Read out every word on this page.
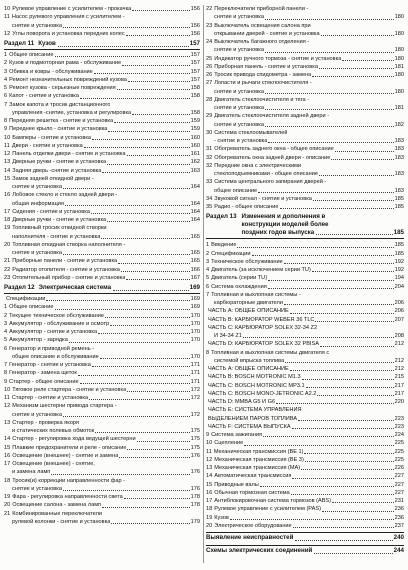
10 Рулевое управление с усилителем - прокачка	156
11 Насос рулевого управления с усилителем -
снятие и установка	156
12 Углы поворота и установка передних колес	156
Раздел 11 Кузов	157
1 Общее описание	157
2 Кузов и подмоторная рама - обслуживание	157
3 Обивка и ковры - обслуживание	157
4 Ремонт незначительных повреждений кузова	157
5 Ремонт кузова - серьезные повреждения	158
6 Капот - снятие и установка	158
7 Замок капота и тросик дистанционного
управления -снятие, установка и регулировка	158
8 Передняя решетка - снятие и установка	159
9 Переднее крыло - снятие и установка	159
10 Бамперы - снятие и установка	160
11 Двери - снятие и установка	160
12 Панель отделки двери - снятие и установка	161
13 Дверные ручки - снятие и установка	162
14 Задняя дверь -снятие и установка	163
15 Замок задней откидной двери -
снятие и установка	164
16 Лобовое стекло и стекло задней двери -
общая информация	164
17 Сидения - снятие и установка	164
18 Дверные ручки - снятие и установка	164
19 Топливный тросик откидной створки
наполнителя - снятие и установка	165
20 Топливная откидная створка наполнителя -
снятие и установка	165
21 Приборные панели - снятие и установка	165
22 Радиатор отопителя - снятие и установка	166
23 Отопительный прибор - снятие и установка	167
Раздел 12 Электрическая система	169
Спецификации	169
1 Общее описание	169
2 Текущее техническое обслуживание	170
3 Аккумулятор - обслуживание и осмотр	170
4 Аккумулятор - снятие и установка	170
5 Аккумулятор - зарядка	170
6 Генератор и приводной ремень -
общее описание и обслуживание	170
7 Генератор - снятие и установка	171
8 Генератор - замена щеток	171
9 Стартер - общее описание	171
10 Тяговое реле стартера - снятие и установка	172
11 Стартер - снятие и установка	172
12 Механизм шестерни привода стартера -
снятие и установка	172
13 Стартер - проверка якоря
и статических полевых обмоток	175
14 Стартер - регулировка хода ведущей шестерни	175
15 Плавкие предохранители и реле - описание	175
16 Освещение (внешнее) - снятие и замена	176
17 Освещение (внешнее) - снятие,
и замена ламп	176
18 Тросик(и) коррекции направленности фар -
снятие и установка	176
19 Фара - регулировка направленности света	178
20 Освещение салона - замена ламп	178
21 Комбинированные переключатели
рулевой колонки - снятие и установка	179
22 Переключатели приборной панели -
снятие и установка	180
23 Выключатель освещения салона при
открывании дверей - снятие и установка	180
24 Выключатель багажного отделения -
снятие и установка	180
25 Индикатор ручного тормоза - снятие и установка	180
26 Приборная панель - снятие и установка	181
26 Тросик привода спидометра - замена	180
27 Лопасти и рычаги стеклоочистителя -
снятие и установка	180
28 Двигатель стеклоочистителя и тяга -
снятие и установка	181
29 Двигатель стеклоочистителя задней двери -
снятие и установка	182
30 Система стеклоомывателей
- снятие и установка	183
31 Обогреватель заднего окна - общее описание	183
32 Обогреватель окна задней двери - описание	183
32 Передние окна с электрическими
стеклоподъемниками - общее описание	183
33 Система центрального запирания дверей -
общее описание	183
34 Звуковой сигнал - снятие и установка	185
35 Радио - общее описание	185
Раздел 13 Изменения и дополнения в
конструкции моделей более
поздних годов выпуска	185
1 Введение	185
2 Спецификации	185
3 Техническое обслуживание	192
4 Двигатель (за исключением серии TU)	192
5 Двигатель (серии TU)	194
6 Система охлаждения	204
7 Топливная и выхлопная системы -
карбюраторные двигатели	206
ЧАСТЬ А: ОБЩЕЕ ОПИСАНИЕ	206
ЧАСТЬ В: КАРБЮРАТОР WEBER 36 TLC	207
ЧАСТЬ С: КАРБЮРАТОР SOLEX 32-34 Z2
И 34-34 Z1	208
ЧАСТЬ D: КАРБЮРАТОР SOLEX 32 PBISA	212
8 Топливная и выхлопная системы двигателя с
системой впрыска топлива	212
ЧАСТЬ А: ОБЩЕЕ ОПИСАНИЕ	212
ЧАСТЬ В: BOSCH MOTRONIC M1.3	215
ЧАСТЬ С: BOSCH MOTRONIC MP3.1	217
ЧАСТЬ С: BOSCH MONO-JETRONIC A2.2	217
ЧАСТЬ D: MMBA G5 И G6	220
ЧАСТЬ Е: СИСТЕМА УПРАВЛЕНИЯ
ВЫДЕЛЕНИЕМ ПАРОВ ТОПЛИВА	223
ЧАСТЬ F: СИСТЕМА ВЫПУСКА	223
9 Система зажигания	224
10 Сцепление	225
11 Механическая трансмиссия (ВЕ 1)	225
12 Механическая трансмиссия (ВЕ 3)	225
13 Механическая трансмиссия (МА)	226
14 Автоматическая трансмиссия	227
15 Приводные валы	227
16 Обычная тормозная система	227
17 Антиблокировочная система тормозов (ABS)	231
18 Рулевое управление с усилителем (PAS)	236
19 Кузов	236
20 Электрическое оборудование	237
Выявление неисправностей	240
Схемы электрических соединений	244
